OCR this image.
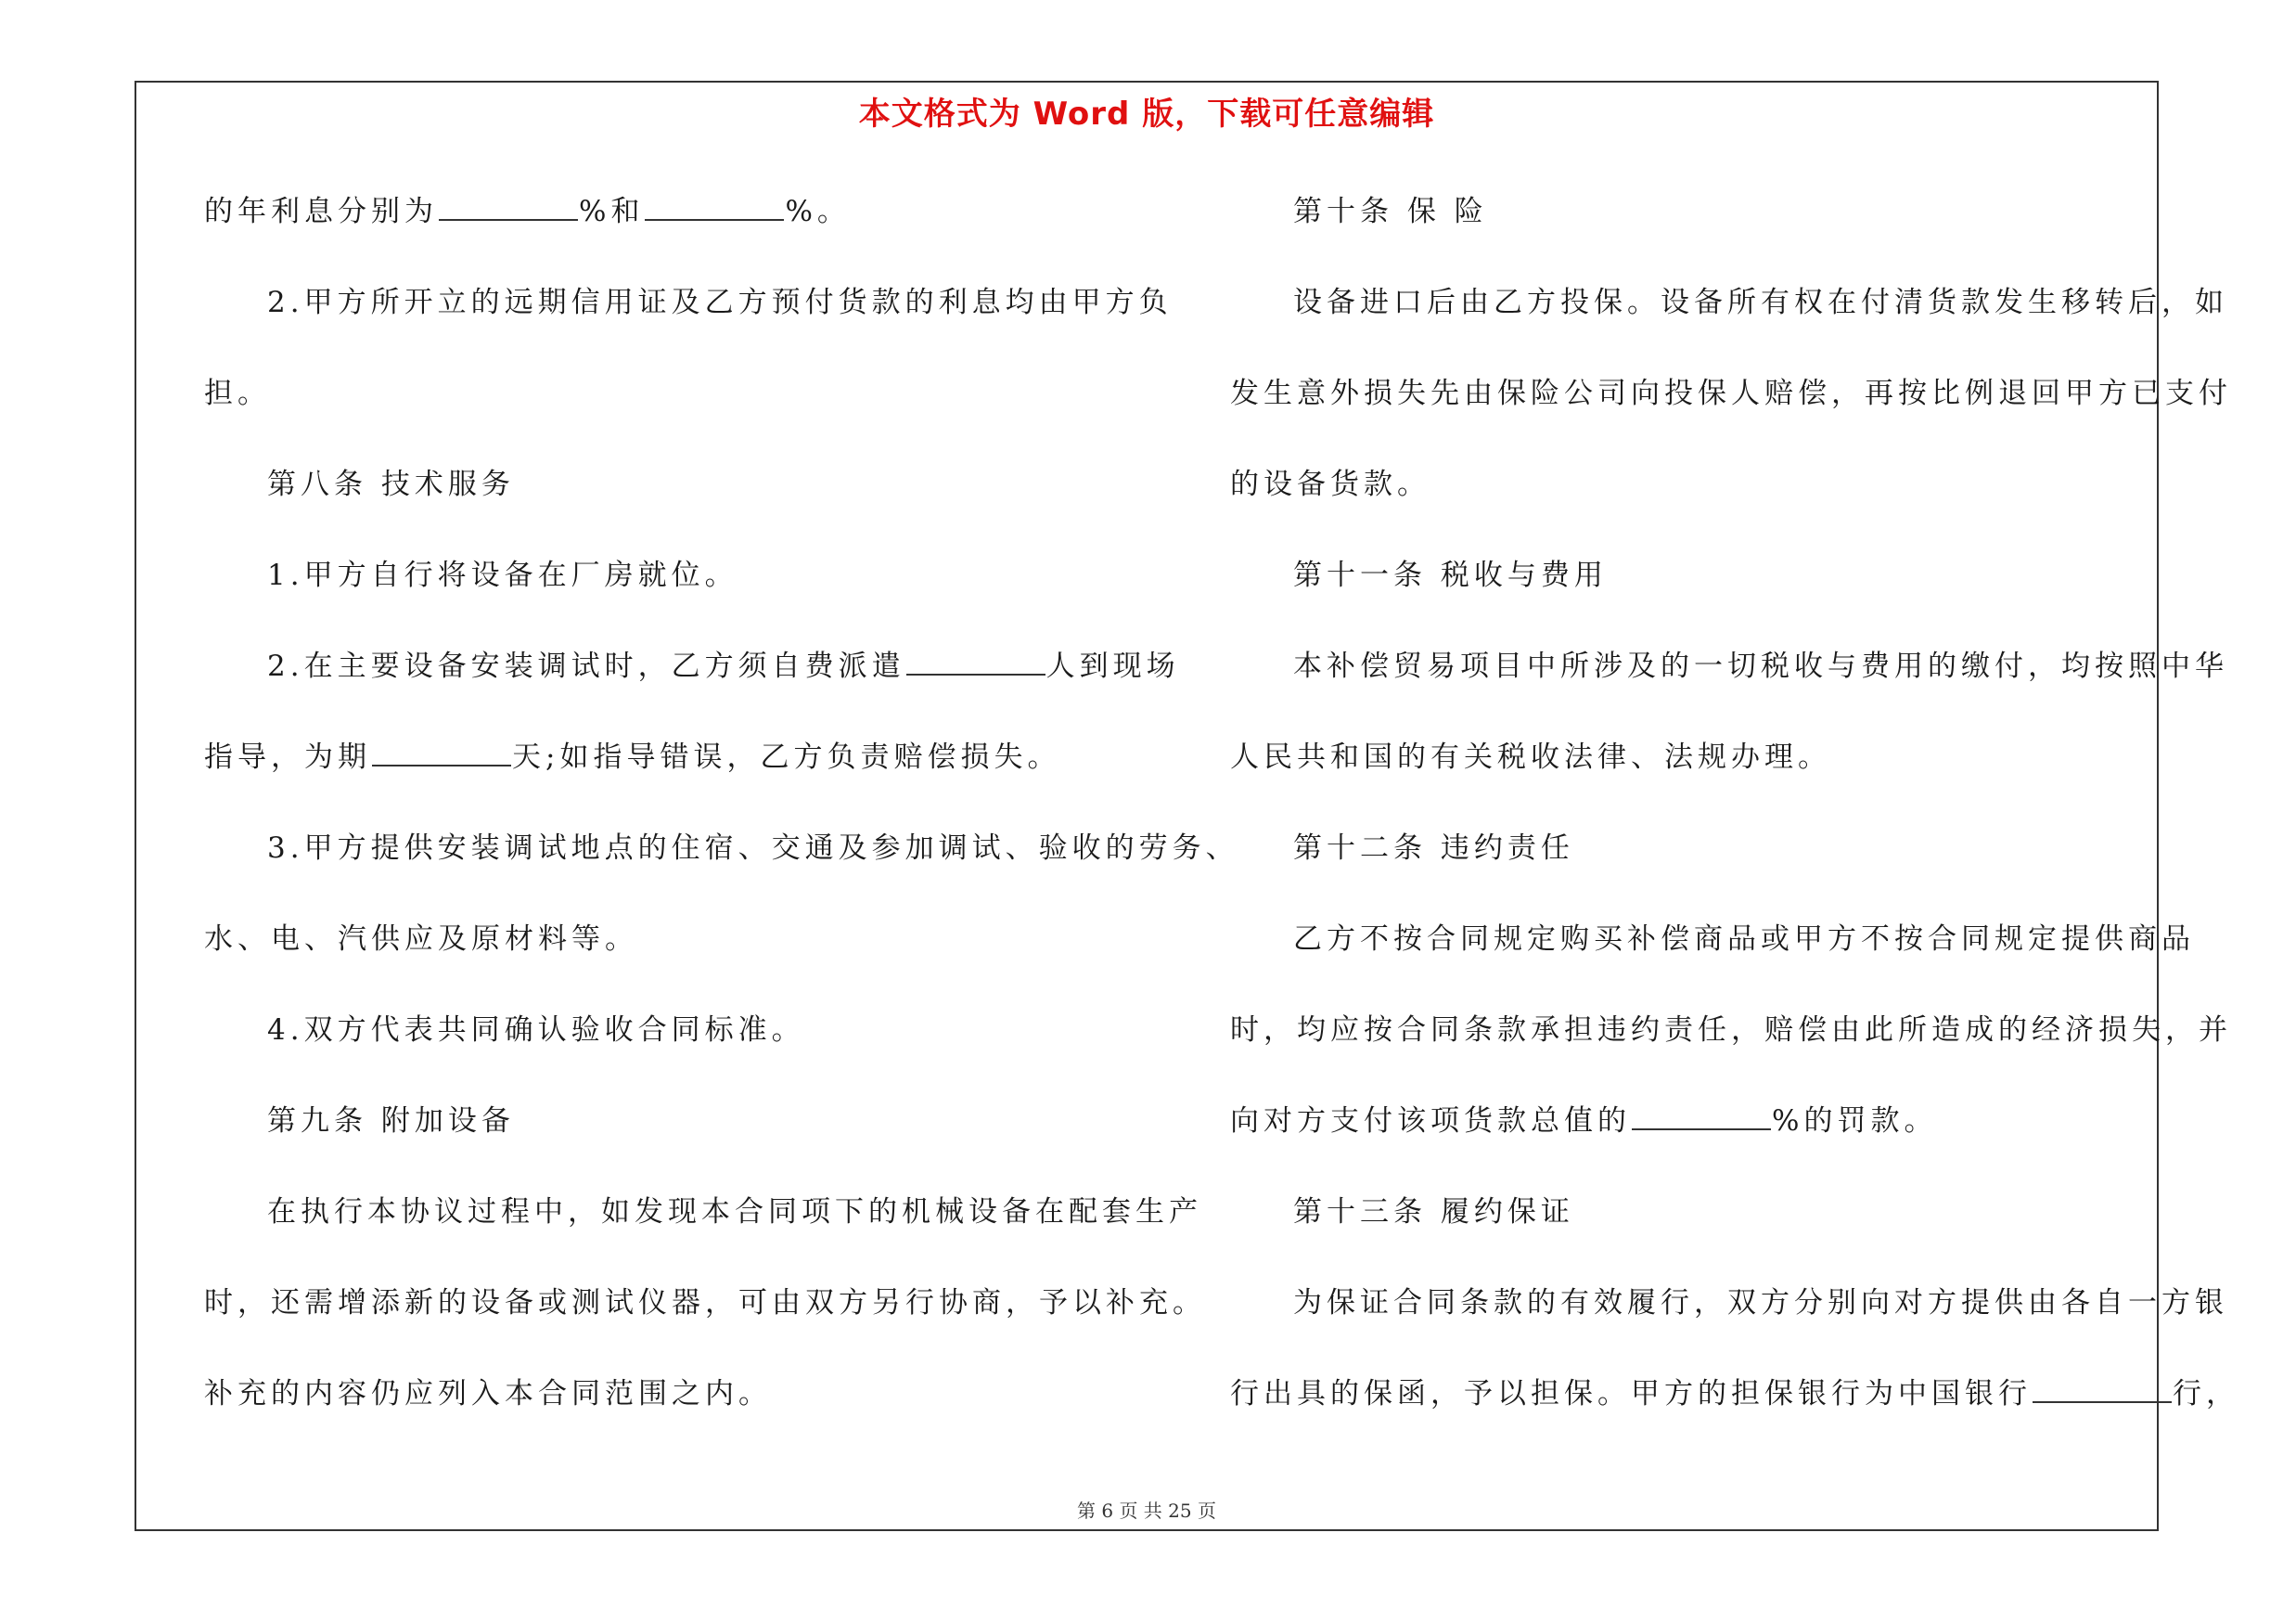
本文格式为 Word 版，下载可任意编辑
的年利息分别为	%和	%。
2.甲方所开立的远期信用证及乙方预付货款的利息均由甲方负
担。
第八条 技术服务
1.甲方自行将设备在厂房就位。
2.在主要设备安装调试时，乙方须自费派遣	人到现场
指导，为期	天;如指导错误，乙方负责赔偿损失。
3.甲方提供安装调试地点的住宿、交通及参加调试、验收的劳务、
水、电、汽供应及原材料等。
4.双方代表共同确认验收合同标准。
第九条 附加设备
在执行本协议过程中，如发现本合同项下的机械设备在配套生产
时，还需增添新的设备或测试仪器，可由双方另行协商，予以补充。
补充的内容仍应列入本合同范围之内。
第十条 保 险
设备进口后由乙方投保。设备所有权在付清货款发生移转后，如
发生意外损失先由保险公司向投保人赔偿，再按比例退回甲方已支付
的设备货款。
第十一条 税收与费用
本补偿贸易项目中所涉及的一切税收与费用的缴付，均按照中华
人民共和国的有关税收法律、法规办理。
第十二条 违约责任
乙方不按合同规定购买补偿商品或甲方不按合同规定提供商品
时，均应按合同条款承担违约责任，赔偿由此所造成的经济损失，并
向对方支付该项货款总值的	%的罚款。
第十三条 履约保证
为保证合同条款的有效履行，双方分别向对方提供由各自一方银
行出具的保函，予以担保。甲方的担保银行为中国银行	行，
第 6 页 共 25 页
